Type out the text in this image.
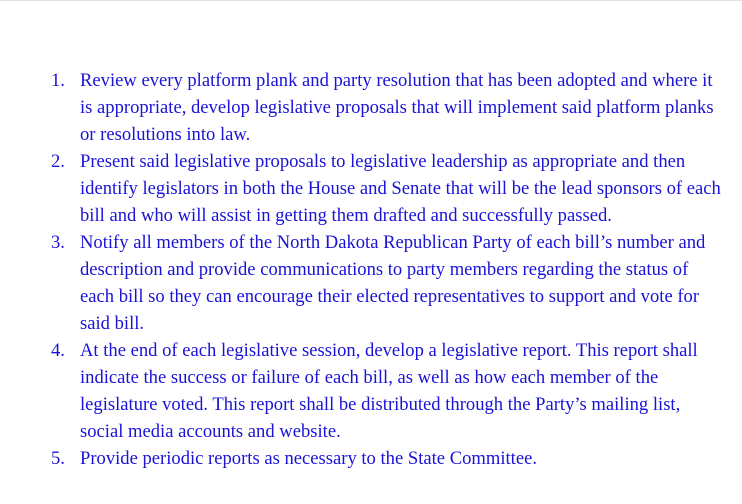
1. Review every platform plank and party resolution that has been adopted and where it is appropriate, develop legislative proposals that will implement said platform planks or resolutions into law.
2. Present said legislative proposals to legislative leadership as appropriate and then identify legislators in both the House and Senate that will be the lead sponsors of each bill and who will assist in getting them drafted and successfully passed.
3. Notify all members of the North Dakota Republican Party of each bill’s number and description and provide communications to party members regarding the status of each bill so they can encourage their elected representatives to support and vote for said bill.
4. At the end of each legislative session, develop a legislative report. This report shall indicate the success or failure of each bill, as well as how each member of the legislature voted. This report shall be distributed through the Party’s mailing list, social media accounts and website.
5. Provide periodic reports as necessary to the State Committee.
